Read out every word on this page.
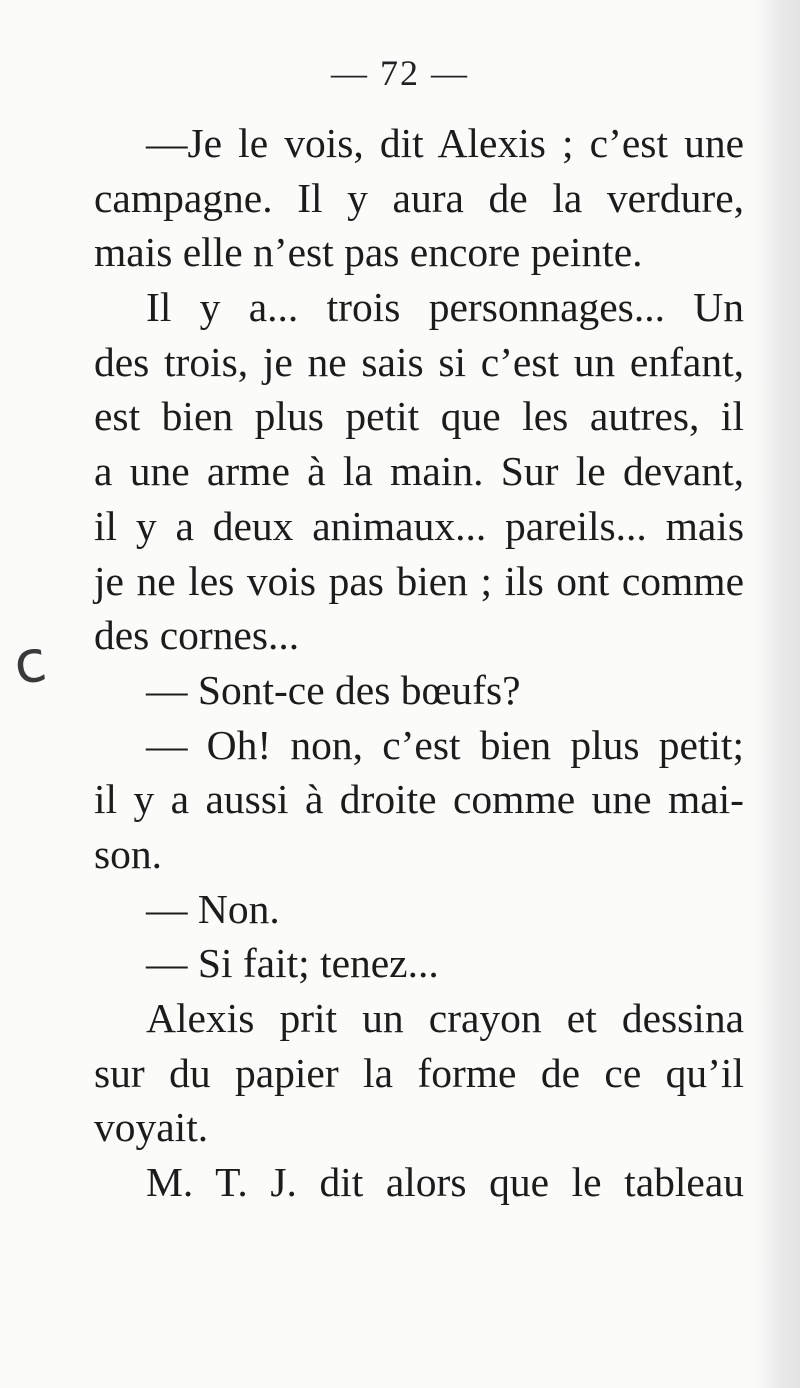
— 72 —
c
—Je le vois, dit Alexis ; c’est une
campagne. Il y aura de la verdure,
mais elle n’est pas encore peinte.
Il y a... trois personnages... Un
des trois, je ne sais si c’est un enfant,
est bien plus petit que les autres, il
a une arme à la main. Sur le devant,
il y a deux animaux... pareils... mais
je ne les vois pas bien ; ils ont comme
des cornes...
— Sont-ce des bœufs?
— Oh! non, c’est bien plus petit;
il y a aussi à droite comme une mai-
son.
— Non.
— Si fait; tenez...
Alexis prit un crayon et dessina
sur du papier la forme de ce qu’il
voyait.
M. T. J. dit alors que le tableau
